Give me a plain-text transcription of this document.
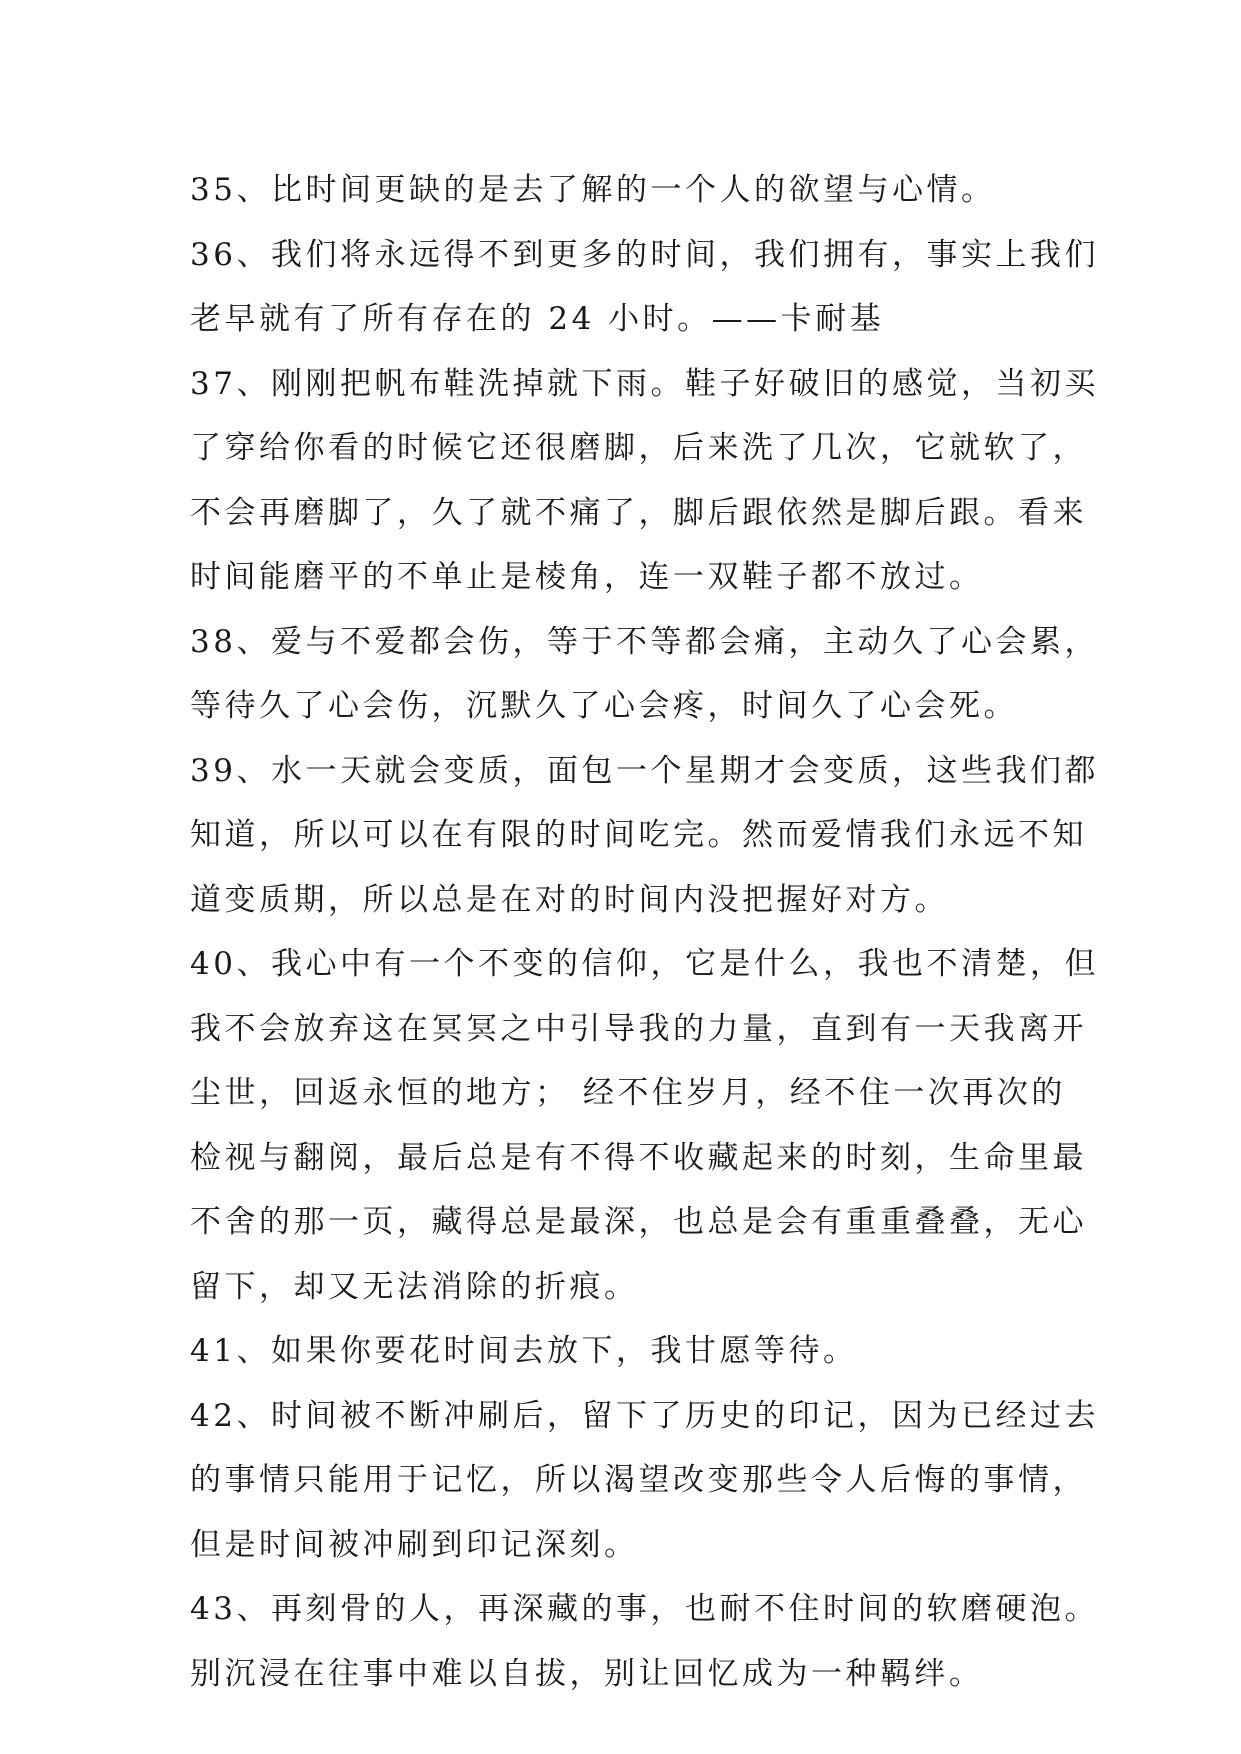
35、比时间更缺的是去了解的一个人的欲望与心情。
36、我们将永远得不到更多的时间，我们拥有，事实上我们
老早就有了所有存在的 24 小时。——卡耐基
37、刚刚把帆布鞋洗掉就下雨。鞋子好破旧的感觉，当初买
了穿给你看的时候它还很磨脚，后来洗了几次，它就软了，
不会再磨脚了，久了就不痛了，脚后跟依然是脚后跟。看来
时间能磨平的不单止是棱角，连一双鞋子都不放过。
38、爱与不爱都会伤，等于不等都会痛，主动久了心会累，
等待久了心会伤，沉默久了心会疼，时间久了心会死。
39、水一天就会变质，面包一个星期才会变质，这些我们都
知道，所以可以在有限的时间吃完。然而爱情我们永远不知
道变质期，所以总是在对的时间内没把握好对方。
40、我心中有一个不变的信仰，它是什么，我也不清楚，但
我不会放弃这在冥冥之中引导我的力量，直到有一天我离开
尘世，回返永恒的地方； 经不住岁月，经不住一次再次的
检视与翻阅，最后总是有不得不收藏起来的时刻，生命里最
不舍的那一页，藏得总是最深，也总是会有重重叠叠，无心
留下，却又无法消除的折痕。
41、如果你要花时间去放下，我甘愿等待。
42、时间被不断冲刷后，留下了历史的印记，因为已经过去
的事情只能用于记忆，所以渴望改变那些令人后悔的事情，
但是时间被冲刷到印记深刻。
43、再刻骨的人，再深藏的事，也耐不住时间的软磨硬泡。
别沉浸在往事中难以自拔，别让回忆成为一种羁绊。
